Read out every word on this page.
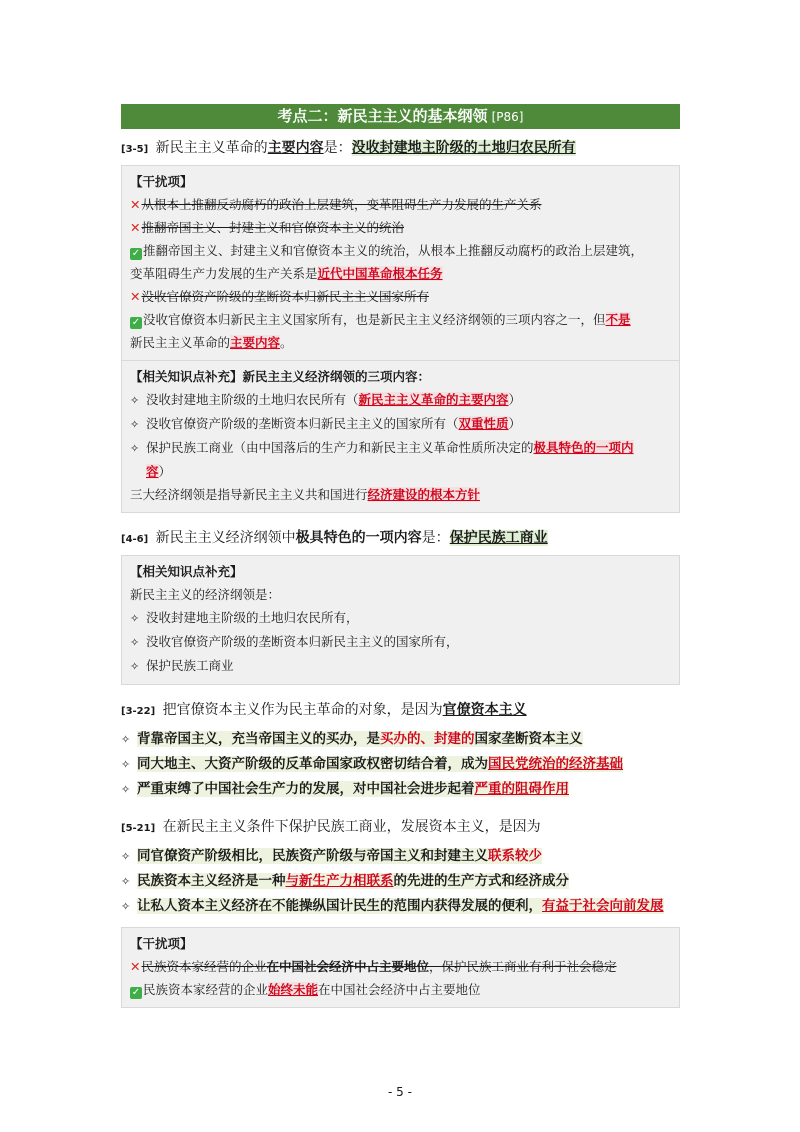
考点二：新民主主义的基本纲领 [P86]
[3-5] 新民主主义革命的主要内容是：没收封建地主阶级的土地归农民所有
【干扰项】
✕从根本上推翻反动腐朽的政治上层建筑，变革阻碍生产力发展的生产关系
✕推翻帝国主义、封建主义和官僚资本主义的统治
✓ 推翻帝国主义、封建主义和官僚资本主义的统治，从根本上推翻反动腐朽的政治上层建筑，
变革阻碍生产力发展的生产关系是近代中国革命根本任务
✕没收官僚资产阶级的垄断资本归新民主主义国家所有
✓ 没收官僚资本归新民主主义国家所有，也是新民主主义经济纲领的三项内容之一，但不是
新民主主义革命的主要内容。
【相关知识点补充】新民主主义经济纲领的三项内容：
✧ 没收封建地主阶级的土地归农民所有（新民主主义革命的主要内容）
✧ 没收官僚资产阶级的垄断资本归新民主主义的国家所有（双重性质）
✧ 保护民族工商业（由中国落后的生产力和新民主主义革命性质所决定的极具特色的一项内
容）
三大经济纲领是指导新民主主义共和国进行经济建设的根本方针
[4-6] 新民主主义经济纲领中极具特色的一项内容是：保护民族工商业
【相关知识点补充】
新民主主义的经济纲领是：
✧ 没收封建地主阶级的土地归农民所有，
✧ 没收官僚资产阶级的垄断资本归新民主主义的国家所有，
✧ 保护民族工商业
[3-22] 把官僚资本主义作为民主革命的对象，是因为官僚资本主义
✧ 背靠帝国主义，充当帝国主义的买办，是买办的、封建的国家垄断资本主义
✧ 同大地主、大资产阶级的反革命国家政权密切结合着，成为国民党统治的经济基础
✧ 严重束缚了中国社会生产力的发展，对中国社会进步起着严重的阻碍作用
[5-21] 在新民主主义条件下保护民族工商业，发展资本主义，是因为
✧ 同官僚资产阶级相比，民族资产阶级与帝国主义和封建主义联系较少
✧ 民族资本主义经济是一种与新生产力相联系的先进的生产方式和经济成分
✧ 让私人资本主义经济在不能操纵国计民生的范围内获得发展的便利，有益于社会向前发展
【干扰项】
✕民族资本家经营的企业在中国社会经济中占主要地位，保护民族工商业有利于社会稳定
✓ 民族资本家经营的企业始终未能在中国社会经济中占主要地位
- 5 -
